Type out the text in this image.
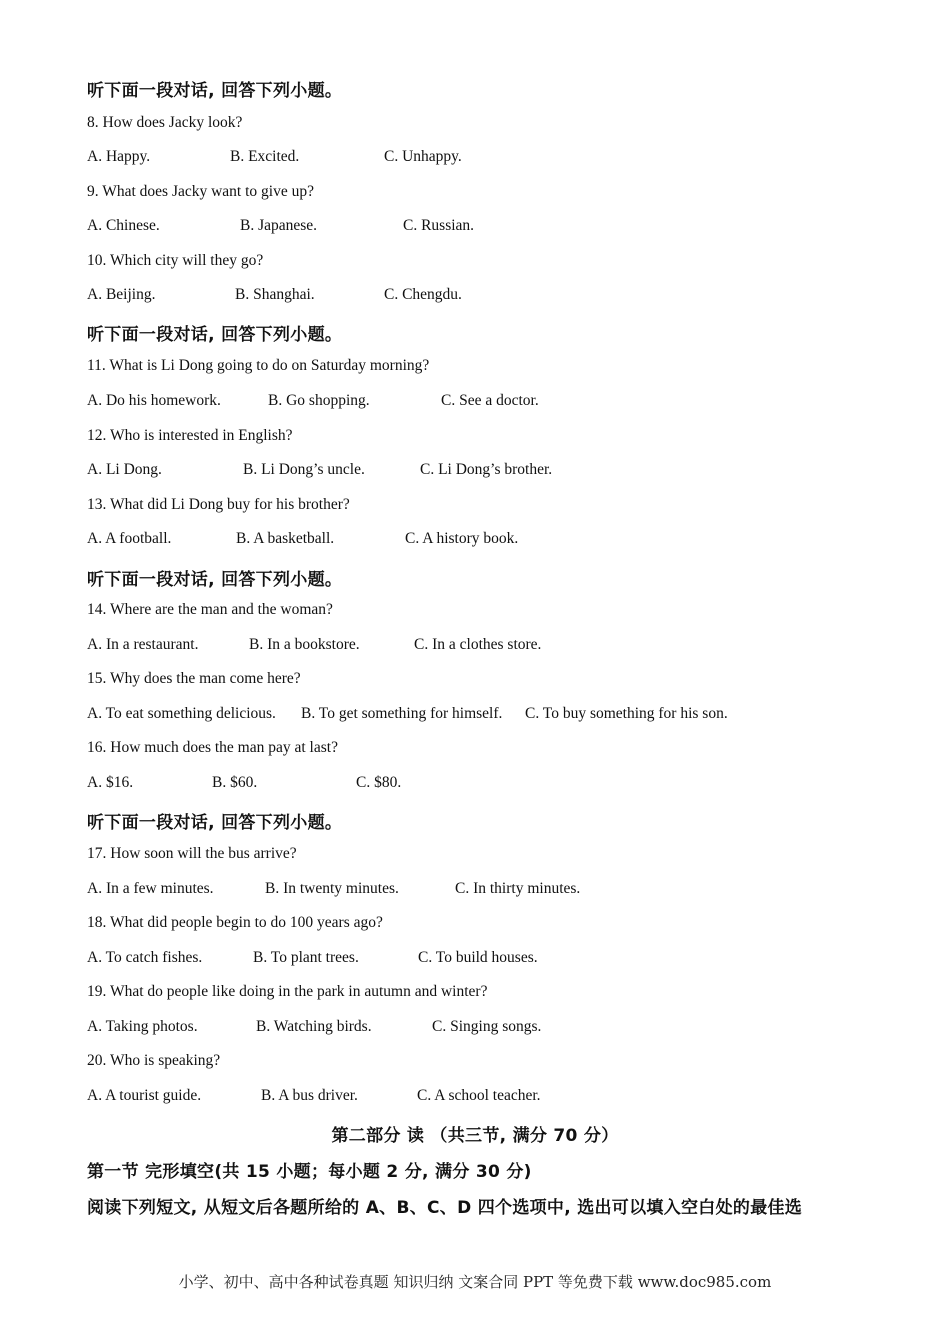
听下面一段对话, 回答下列小题。
8. How does Jacky look?

A. Happy.

	B. Excited.

	C. Unhappy.

9. What does Jacky want to give up?

A. Chinese.

	B. Japanese.

	C. Russian.

10. Which city will they go?

A. Beijing.

	B. Shanghai.

	C. Chengdu.

听下面一段对话, 回答下列小题。
11. What is Li Dong going to do on Saturday morning?

A. Do his homework.

	B. Go shopping.

	C. See a doctor.

12. Who is interested in English?

A. Li Dong.

	B. Li Dong’s uncle.

	C. Li Dong’s brother.

13. What did Li Dong buy for his brother?

A. A football.

	B. A basketball.

	C. A history book.

听下面一段对话, 回答下列小题。
14. Where are the man and the woman?

A. In a restaurant.

	B. In a bookstore.

	C. In a clothes store.

15. Why does the man come here?

A. To eat something delicious.

B. To get something for himself.

C. To buy something for his son.

16. How much does the man pay at last?

A. $16.

	B. $60.

	C. $80.

听下面一段对话, 回答下列小题。
17. How soon will the bus arrive?

A. In a few minutes.

	B. In twenty minutes.

	C. In thirty minutes.

18. What did people begin to do 100 years ago?

A. To catch fishes.

	B. To plant trees.

	C. To build houses.

19. What do people like doing in the park in autumn and winter?

A. Taking photos.

	B. Watching birds.

	C. Singing songs.

20. Who is speaking?

A. A tourist guide.

	B. A bus driver.

	C. A school teacher.

第二部分 读 （共三节, 满分 70 分）
第一节 完形填空(共 15 小题；每小题 2 分, 满分 30 分)
阅读下列短文, 从短文后各题所给的 A、B、C、D 四个选项中, 选出可以填入空白处的最佳选
小学、初中、高中各种试卷真题 知识归纳 文案合同 PPT 等免费下载 www.doc985.com
